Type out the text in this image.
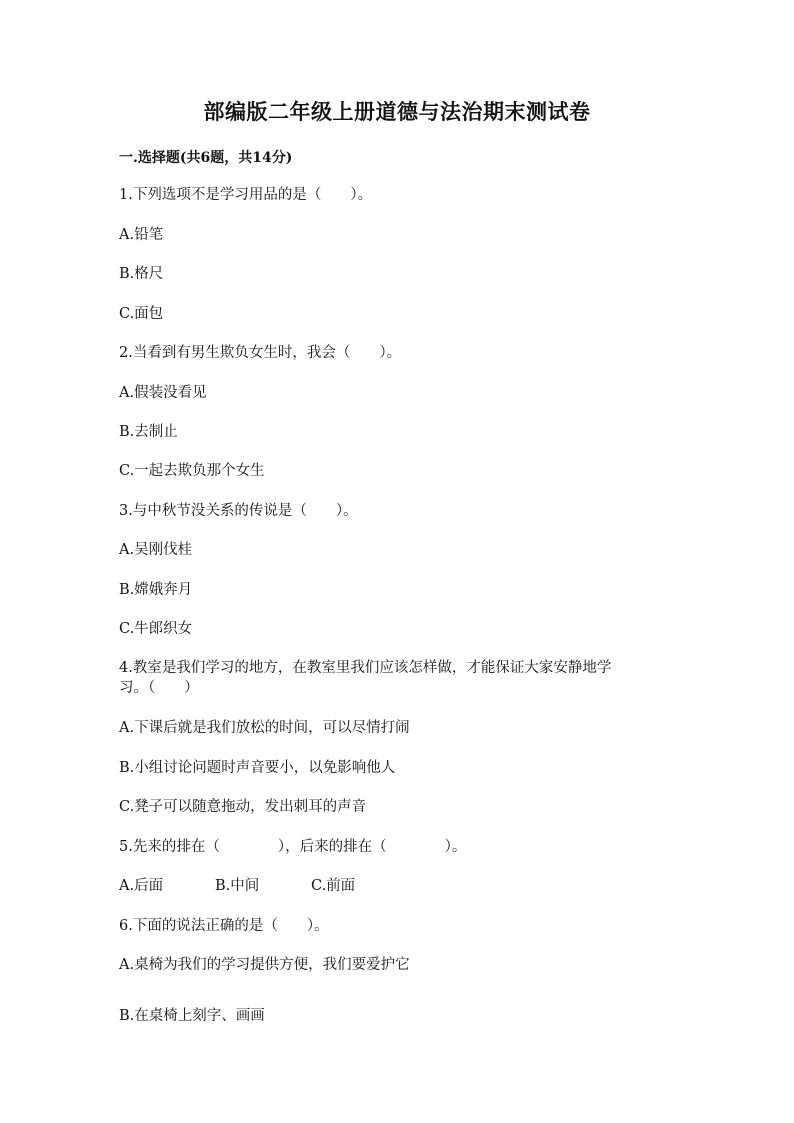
部编版二年级上册道德与法治期末测试卷
一.选择题(共6题，共14分)
1.下列选项不是学习用品的是（　　）。
A.铅笔
B.格尺
C.面包
2.当看到有男生欺负女生时，我会（　　）。
A.假装没看见
B.去制止
C.一起去欺负那个女生
3.与中秋节没关系的传说是（　　）。
A.吴刚伐桂
B.嫦娥奔月
C.牛郎织女
4.教室是我们学习的地方，在教室里我们应该怎样做，才能保证大家安静地学
习。（　　）
A.下课后就是我们放松的时间，可以尽情打闹
B.小组讨论问题时声音要小，以免影响他人
C.凳子可以随意拖动，发出刺耳的声音
5.先来的排在（　　　　），后来的排在（　　　　）。
A.后面	B.中间	C.前面
6.下面的说法正确的是（　　）。
A.桌椅为我们的学习提供方便，我们要爱护它
B.在桌椅上刻字、画画
